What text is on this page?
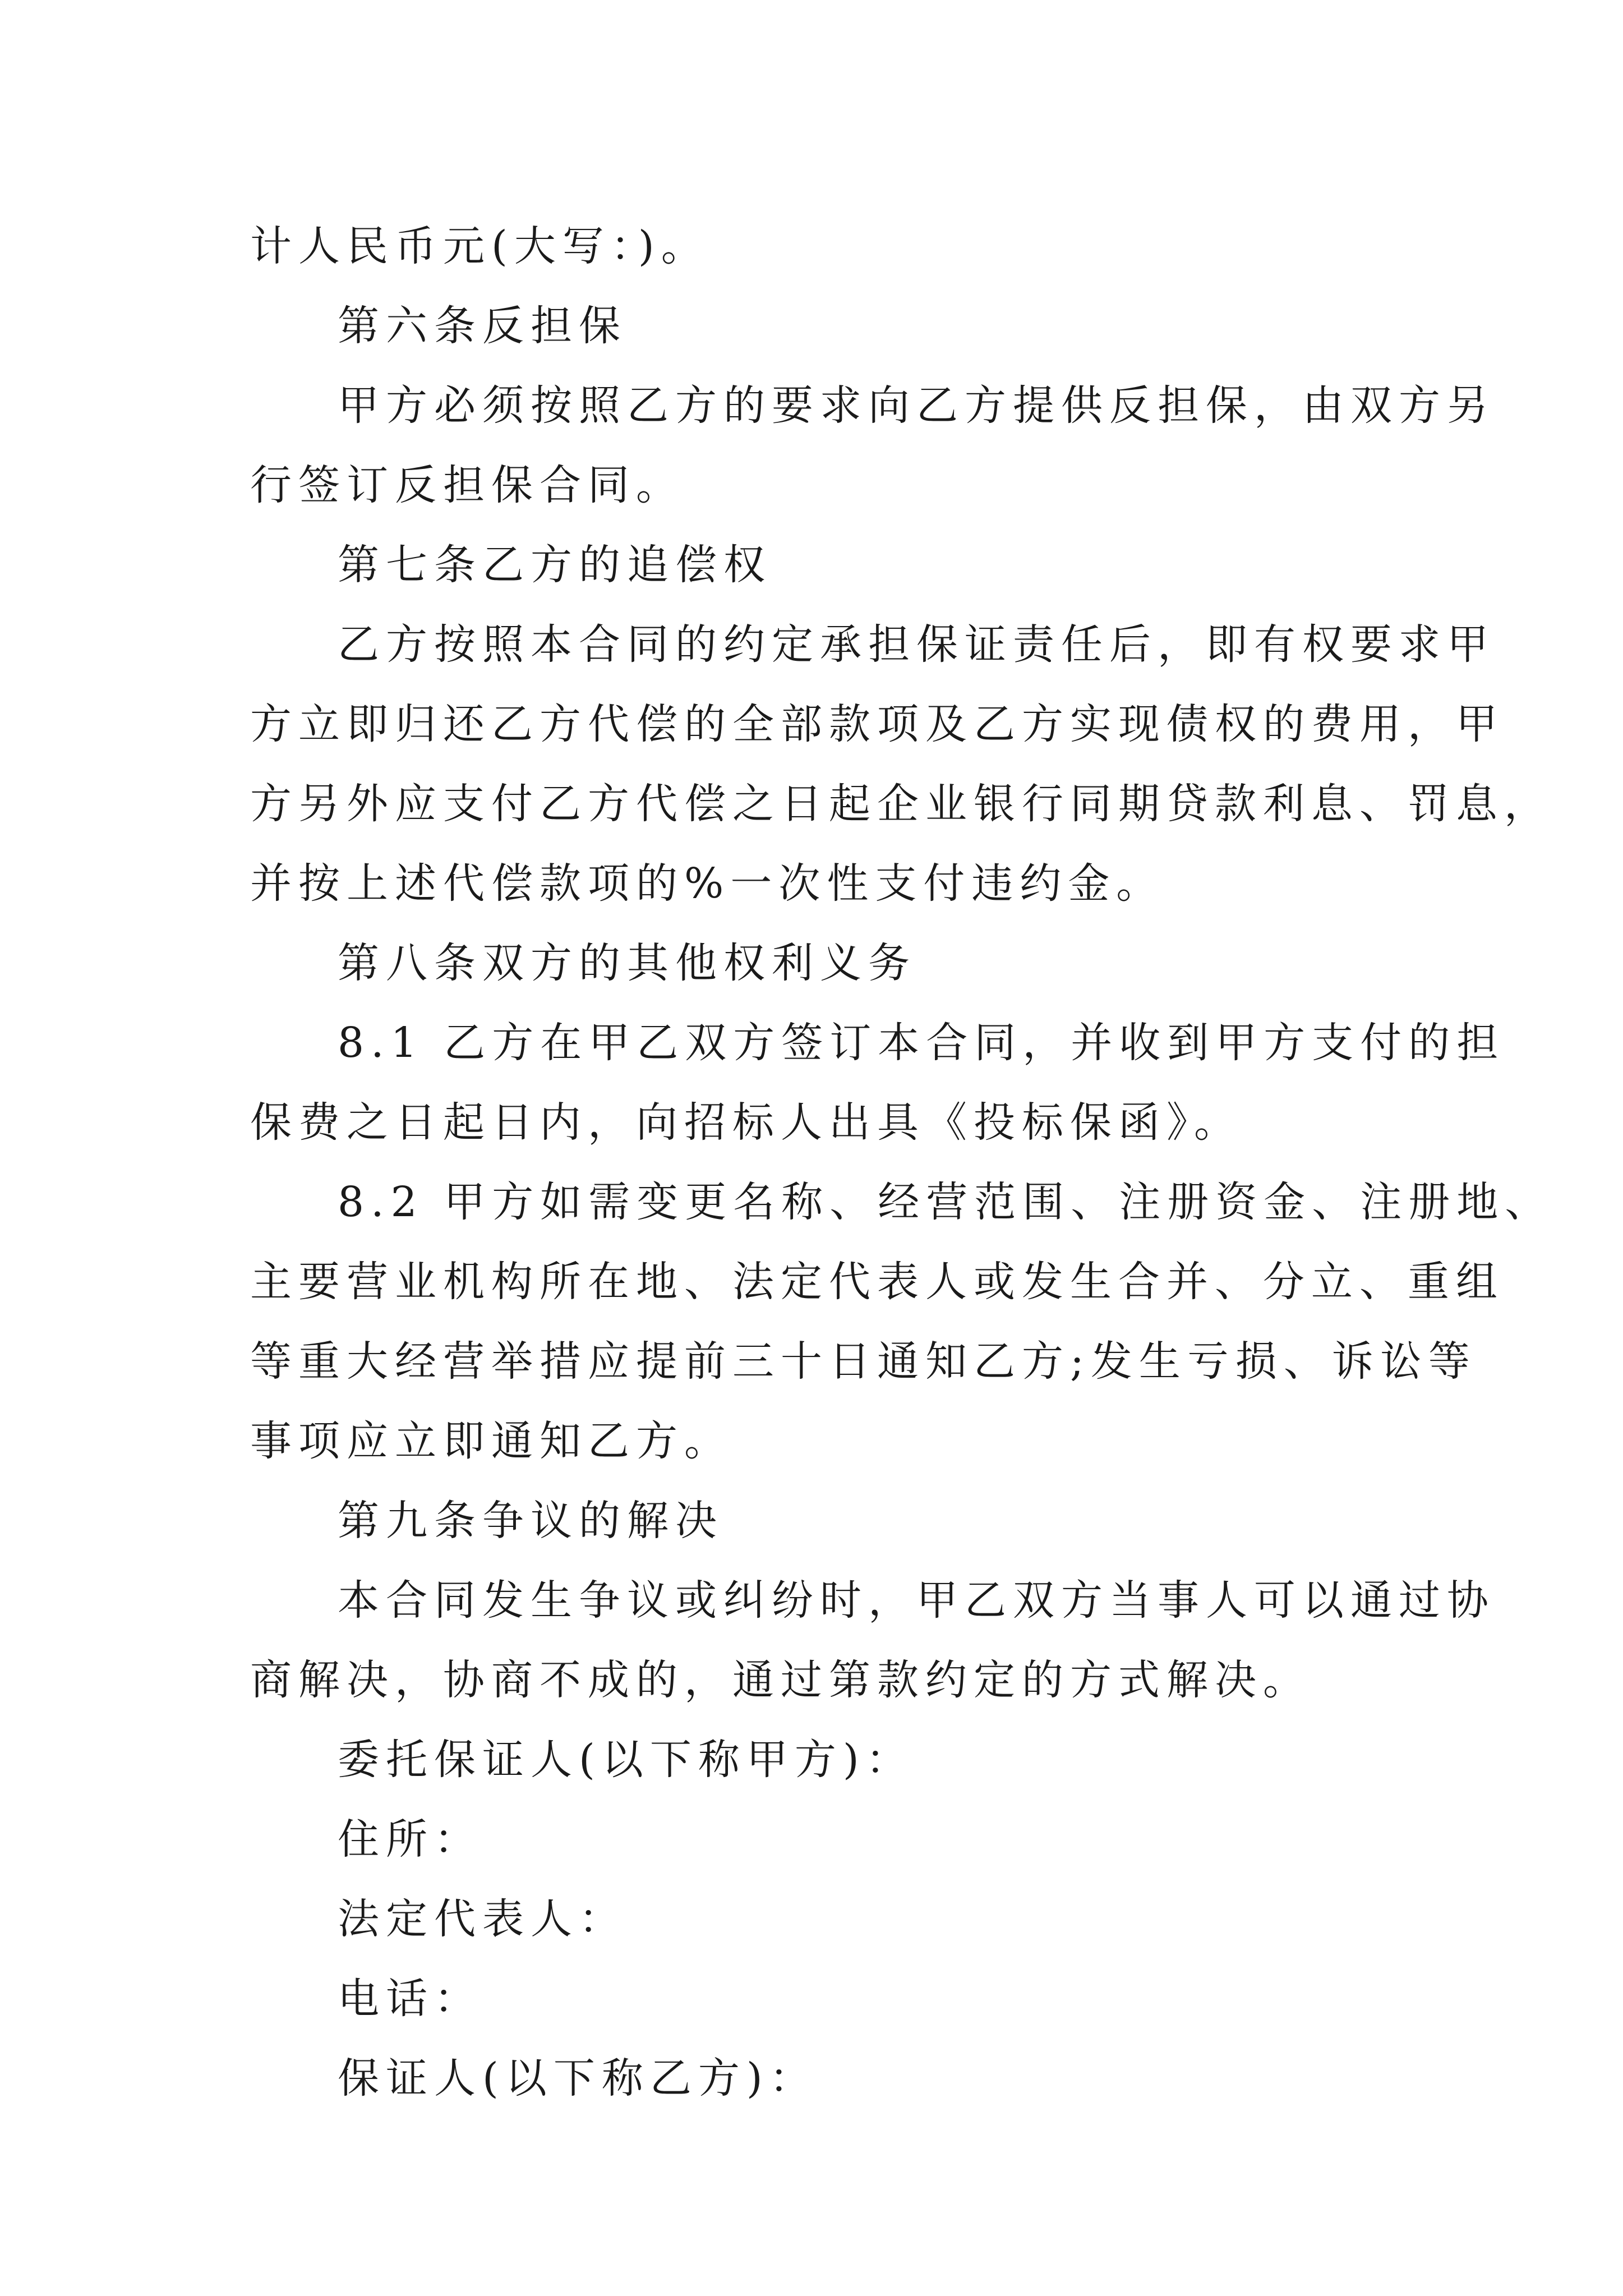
计人民币元(大写：)。
第六条反担保
甲方必须按照乙方的要求向乙方提供反担保，由双方另
行签订反担保合同。
第七条乙方的追偿权
乙方按照本合同的约定承担保证责任后，即有权要求甲
方立即归还乙方代偿的全部款项及乙方实现债权的费用，甲
方另外应支付乙方代偿之日起企业银行同期贷款利息、罚息，
并按上述代偿款项的%一次性支付违约金。
第八条双方的其他权利义务
8.1 乙方在甲乙双方签订本合同，并收到甲方支付的担
保费之日起日内，向招标人出具《投标保函》。
8.2 甲方如需变更名称、经营范围、注册资金、注册地、
主要营业机构所在地、法定代表人或发生合并、分立、重组
等重大经营举措应提前三十日通知乙方;发生亏损、诉讼等
事项应立即通知乙方。
第九条争议的解决
本合同发生争议或纠纷时，甲乙双方当事人可以通过协
商解决，协商不成的，通过第款约定的方式解决。
委托保证人(以下称甲方)：
住所：
法定代表人：
电话：
保证人(以下称乙方)：
